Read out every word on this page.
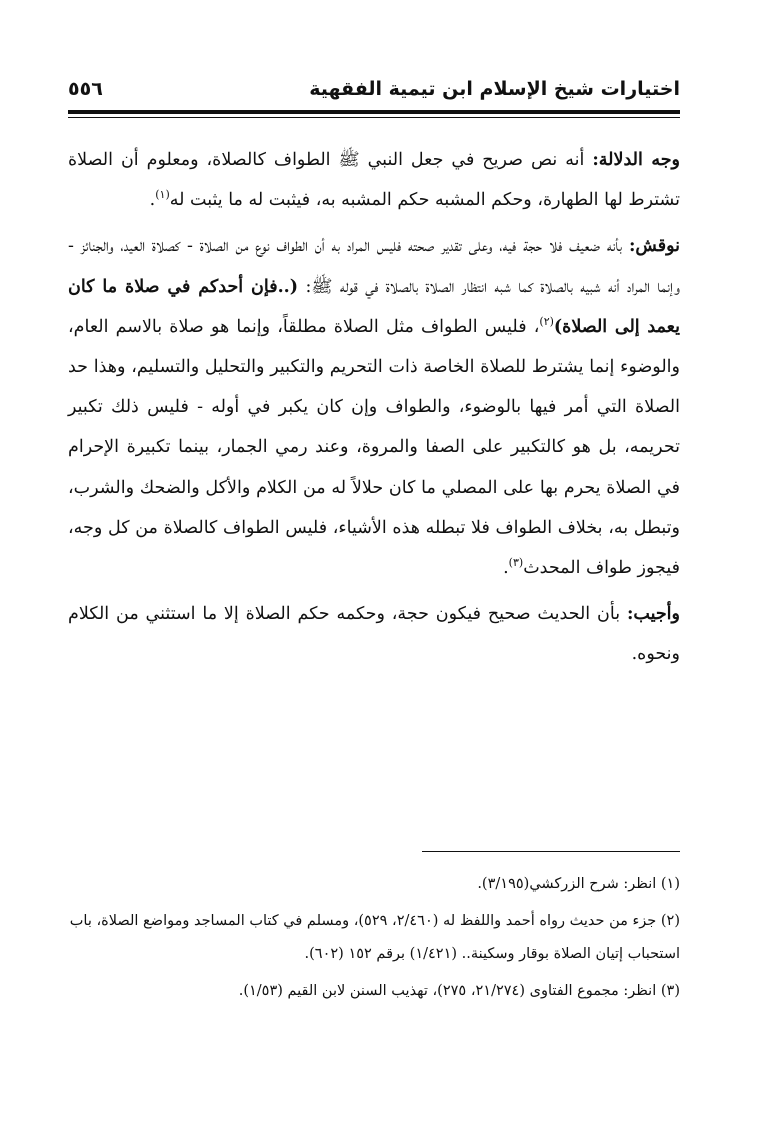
اختيارات شيخ الإسلام ابن تيمية الفقهية
٥٥٦

وجه الدلالة: أنه نص صريح في جعل النبي ﷺ الطواف كالصلاة، ومعلوم أن الصلاة تشترط لها الطهارة، وحكم المشبه حكم المشبه به، فيثبت له ما يثبت له$^{(١)}$.

نوقش: بأنه ضعيف فلا حجة فيه، وعلى تقدير صحته فليس المراد به أن الطواف نوع من الصلاة - كصلاة العيد، والجنائز - وإنما المراد أنه شبيه بالصلاة كما شبه انتظار الصلاة بالصلاة في قوله ﷺ: (..فإن أحدكم في صلاة ما كان يعمد إلى الصلاة)$^{(٢)}$، فليس الطواف مثل الصلاة مطلقاً، وإنما هو صلاة بالاسم العام، والوضوء إنما يشترط للصلاة الخاصة ذات التحريم والتكبير والتحليل والتسليم، وهذا حد الصلاة التي أمر فيها بالوضوء، والطواف وإن كان يكبر في أوله - فليس ذلك تكبير تحريمه، بل هو كالتكبير على الصفا والمروة، وعند رمي الجمار، بينما تكبيرة الإحرام في الصلاة يحرم بها على المصلي ما كان حلالاً له من الكلام والأكل والضحك والشرب، وتبطل به، بخلاف الطواف فلا تبطله هذه الأشياء، فليس الطواف كالصلاة من كل وجه، فيجوز طواف المحدث$^{(٣)}$.

وأجيب: بأن الحديث صحيح فيكون حجة، وحكمه حكم الصلاة إلا ما استثني من الكلام ونحوه.

(١) انظر: شرح الزركشي(٣/١٩٥).

(٢) جزء من حديث رواه أحمد واللفظ له (٢/٤٦٠، ٥٢٩)، ومسلم في كتاب المساجد ومواضع الصلاة، باب استحباب إتيان الصلاة بوقار وسكينة.. (١/٤٢١) برقم ١٥٢ (٦٠٢).

(٣) انظر: مجموع الفتاوى (٢١/٢٧٤، ٢٧٥)، تهذيب السنن لابن القيم (١/٥٣).
